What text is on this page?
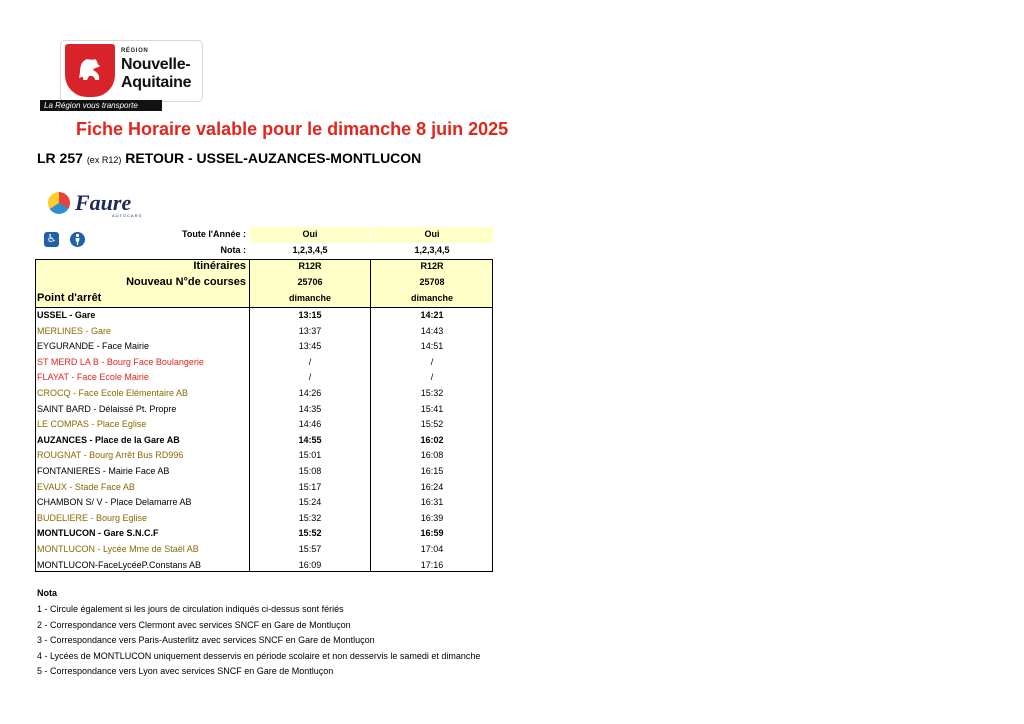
RÉGION
Nouvelle-
Aquitaine
La Région vous transporte
Fiche Horaire valable pour le dimanche 8 juin 2025
LR 257 (ex R12) RETOUR - USSEL-AUZANCES-MONTLUCON
Faure
AUTOCARS
♿	Toute l'Année :	Oui	Oui
Nota :	1,2,3,4,5	1,2,3,4,5
Itinéraires	R12R	R12R
Nouveau N°de courses	25706	25708
Point d'arrêt	dimanche	dimanche
USSEL - Gare	13:15	14:21
MERLINES - Gare	13:37	14:43
EYGURANDE - Face Mairie	13:45	14:51
ST MERD LA B - Bourg Face Boulangerie	/	/
FLAYAT - Face Ecole Mairie	/	/
CROCQ - Face Ecole Elémentaire AB	14:26	15:32
SAINT BARD - Délaissé Pt. Propre	14:35	15:41
LE COMPAS - Place Eglise	14:46	15:52
AUZANCES - Place de la Gare AB	14:55	16:02
ROUGNAT - Bourg Arrêt Bus RD996	15:01	16:08
FONTANIERES - Mairie Face AB	15:08	16:15
EVAUX - Stade Face AB	15:17	16:24
CHAMBON S/ V - Place Delamarre AB	15:24	16:31
BUDELIERE - Bourg Eglise	15:32	16:39
MONTLUCON - Gare S.N.C.F	15:52	16:59
MONTLUCON - Lycée Mme de Staël AB	15:57	17:04
MONTLUCON-FaceLycéeP.Constans AB	16:09	17:16
Nota
1 - Circule également si les jours de circulation indiqués ci-dessus sont fériés
2 - Correspondance vers Clermont avec services SNCF en Gare de Montluçon
3 - Correspondance vers Paris-Austerlitz avec services SNCF en Gare de Montluçon
4 - Lycées de MONTLUCON uniquement desservis en période scolaire et non desservis le samedi et dimanche
5 - Correspondance vers Lyon avec services SNCF en Gare de Montluçon
